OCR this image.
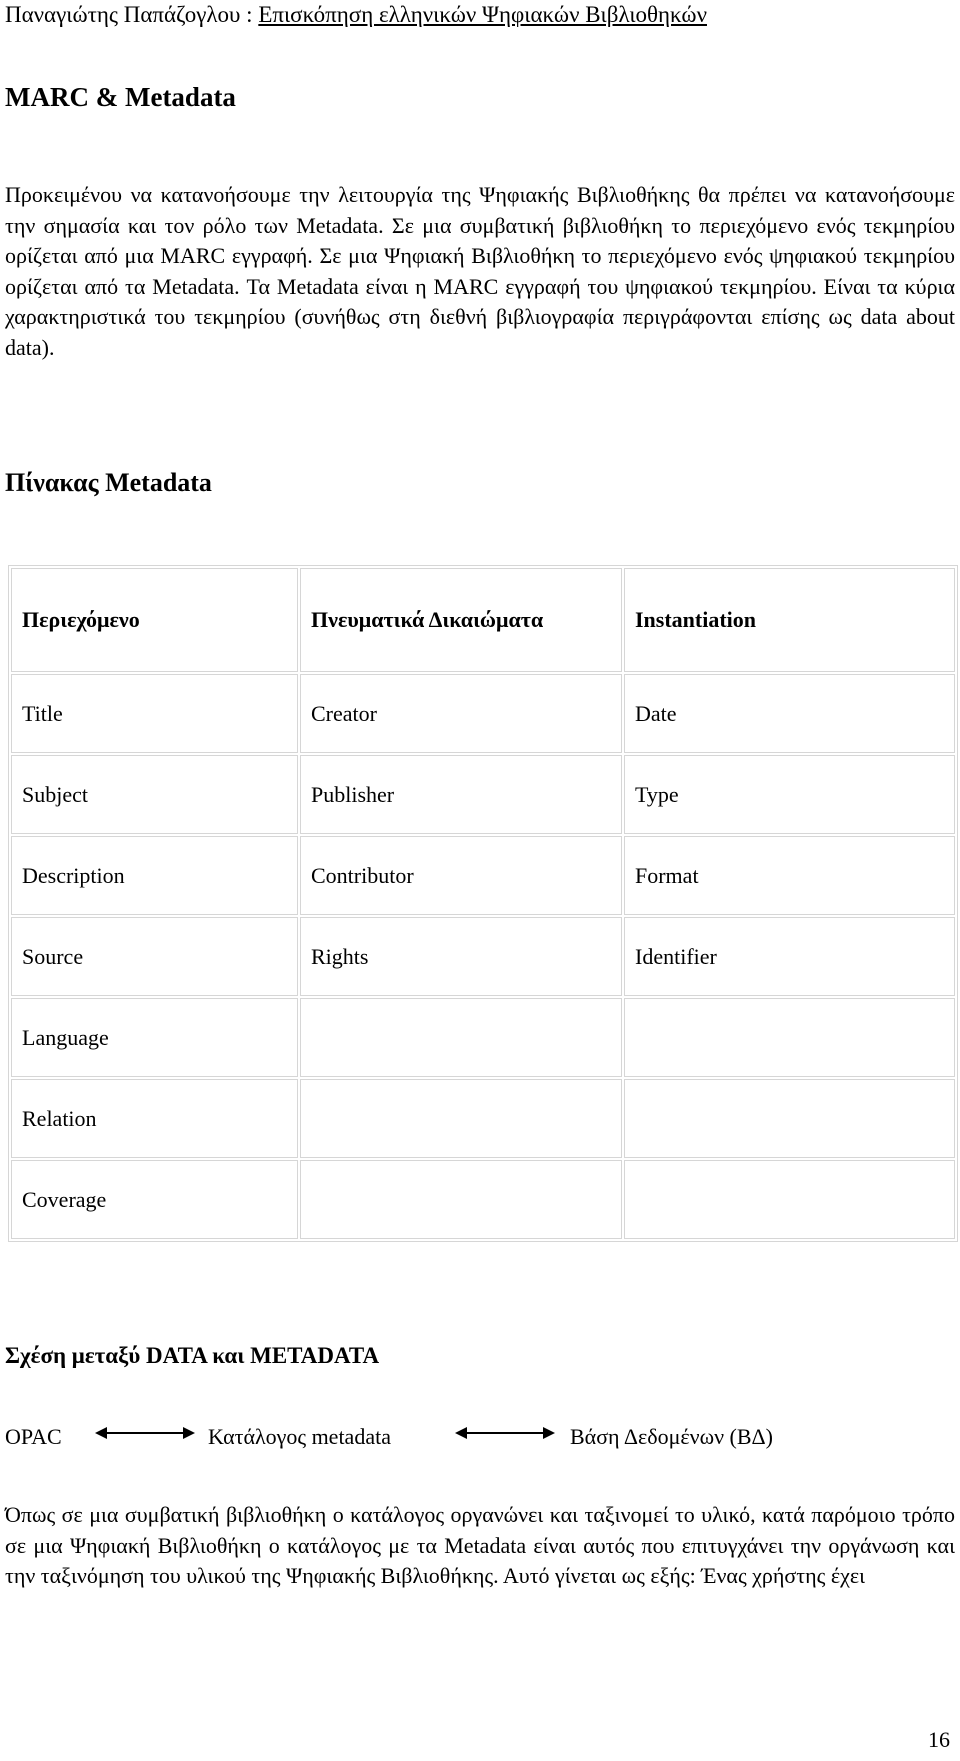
Παναγιώτης Παπάζογλου : Επισκόπηση ελληνικών Ψηφιακών Βιβλιοθηκών
MARC & Metadata
Προκειμένου να κατανοήσουμε την λειτουργία της Ψηφιακής Βιβλιοθήκης θα πρέπει να κατανοήσουμε την σημασία και τον ρόλο των Metadata. Σε μια συμβατική βιβλιοθήκη το περιεχόμενο ενός τεκμηρίου ορίζεται από μια MARC εγγραφή. Σε μια Ψηφιακή Βιβλιοθήκη το περιεχόμενο ενός ψηφιακού τεκμηρίου ορίζεται από τα Metadata. Τα Metadata είναι η MARC εγγραφή του ψηφιακού τεκμηρίου. Είναι τα κύρια χαρακτηριστικά του τεκμηρίου (συνήθως στη διεθνή βιβλιογραφία περιγράφονται επίσης ως data about data).
Πίνακας Metadata
Περιεχόμενο	Πνευματικά Δικαιώματα	Instantiation
Title	Creator	Date
Subject	Publisher	Type
Description	Contributor	Format
Source	Rights	Identifier
Language		
Relation		
Coverage		
Σχέση μεταξύ DATA και METADATA
OPAC	Κατάλογος metadata	Βάση Δεδομένων (ΒΔ)
Όπως σε μια συμβατική βιβλιοθήκη ο κατάλογος οργανώνει και ταξινομεί το υλικό, κατά παρόμοιο τρόπο σε μια Ψηφιακή Βιβλιοθήκη ο κατάλογος με τα Metadata είναι αυτός που επιτυγχάνει την οργάνωση και την ταξινόμηση του υλικού της Ψηφιακής Βιβλιοθήκης. Αυτό γίνεται ως εξής: Ένας χρήστης έχει
16
